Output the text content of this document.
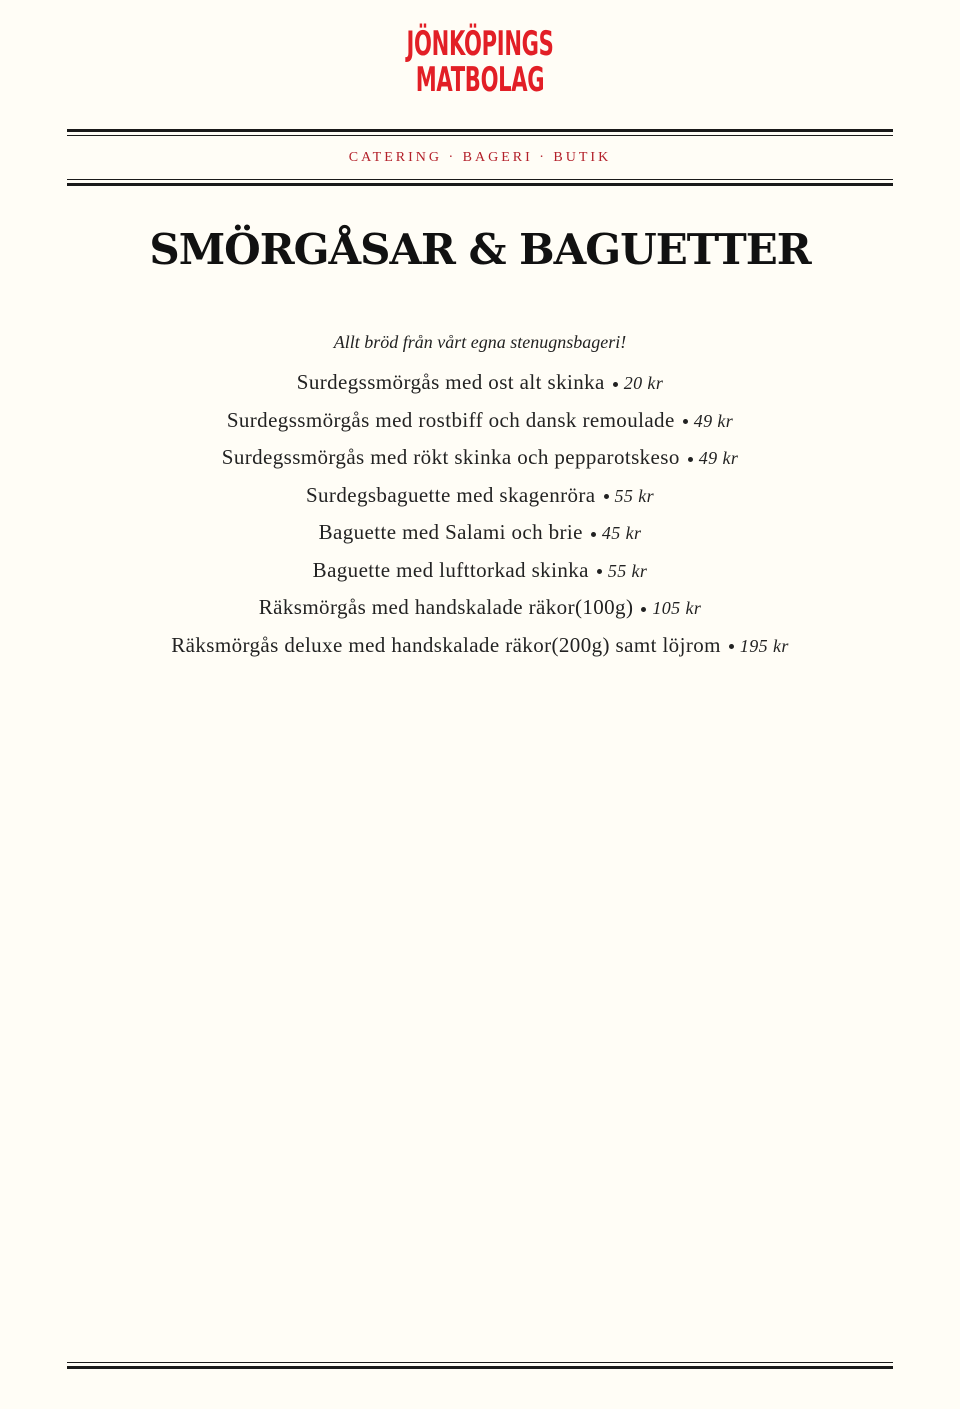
JÖNKÖPINGS
MATBOLAG
CATERING · BAGERI · BUTIK
SMÖRGÅSAR & BAGUETTER
Allt bröd från vårt egna stenugnsbageri!
Surdegssmörgås med ost alt skinka 20 kr
Surdegssmörgås med rostbiff och dansk remoulade 49 kr
Surdegssmörgås med rökt skinka och pepparotskeso 49 kr
Surdegsbaguette med skagenröra 55 kr
Baguette med Salami och brie 45 kr
Baguette med lufttorkad skinka 55 kr
Räksmörgås med handskalade räkor(100g) 105 kr
Räksmörgås deluxe med handskalade räkor(200g) samt löjrom 195 kr
